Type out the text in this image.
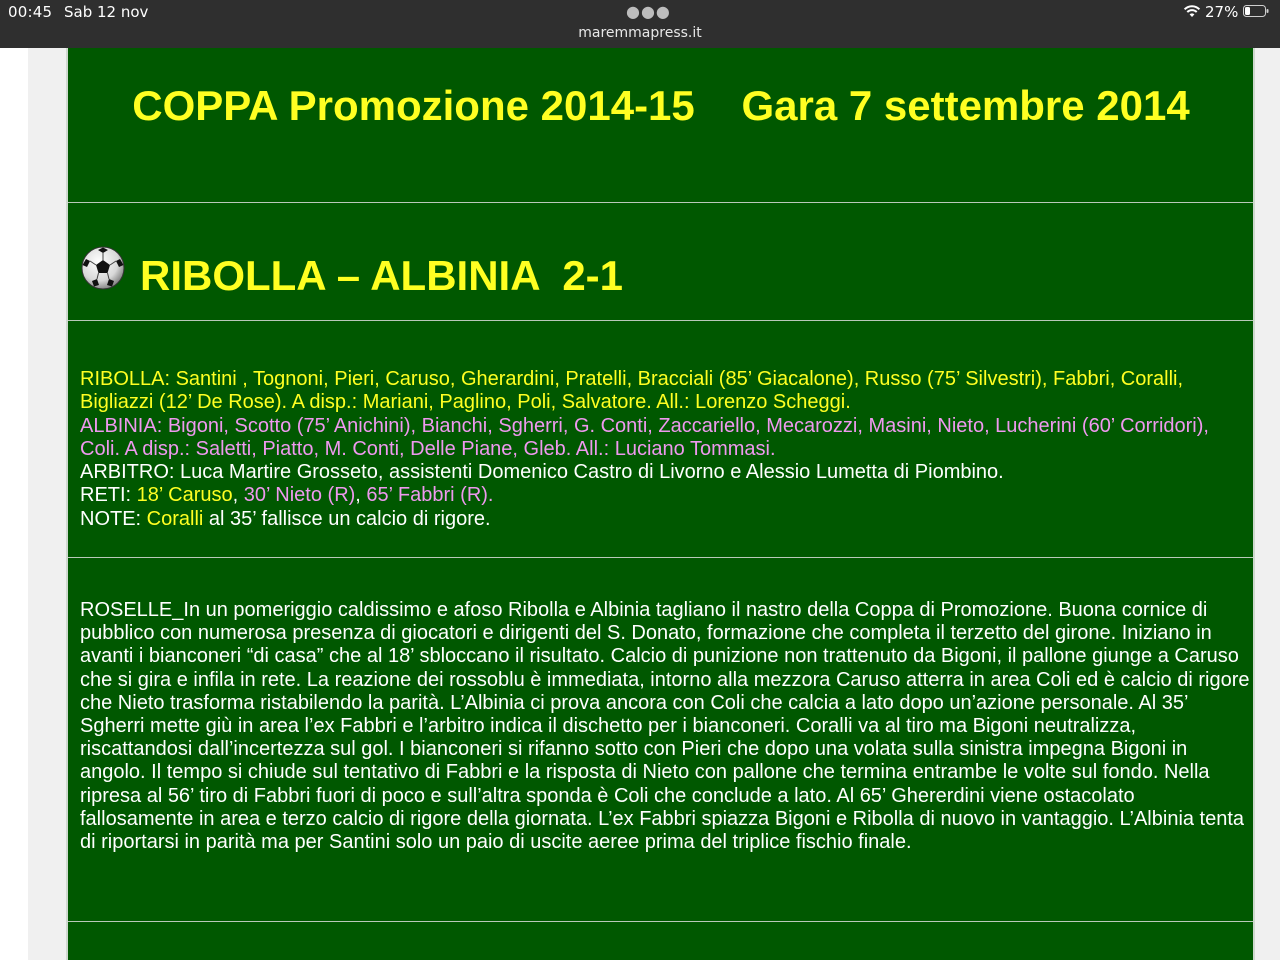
00:45 Sab 12 nov	●●●
maremmapress.it
27%
COPPA Promozione 2014-15    Gara 7 settembre 2014
RIBOLLA – ALBINIA 2-1

RIBOLLA: Santini , Tognoni, Pieri, Caruso, Gherardini, Pratelli, Bracciali (85’ Giacalone), Russo (75’ Silvestri), Fabbri, Coralli, Bigliazzi (12’ De Rose). A disp.: Mariani, Paglino, Poli, Salvatore. All.: Lorenzo Scheggi.

ALBINIA: Bigoni, Scotto (75’ Anichini), Bianchi, Sgherri, G. Conti, Zaccariello, Mecarozzi, Masini, Nieto, Lucherini (60’ Corridori), Coli. A disp.: Saletti, Piatto, M. Conti, Delle Piane, Gleb. All.: Luciano Tommasi.

ARBITRO: Luca Martire Grosseto, assistenti Domenico Castro di Livorno e Alessio Lumetta di Piombino.

RETI: 18’ Caruso, 30’ Nieto (R), 65’ Fabbri (R).

NOTE: Coralli al 35’ fallisce un calcio di rigore.

ROSELLE_In un pomeriggio caldissimo e afoso Ribolla e Albinia tagliano il nastro della Coppa di Promozione. Buona cornice di pubblico con numerosa presenza di giocatori e dirigenti del S. Donato, formazione che completa il terzetto del girone. Iniziano in avanti i bianconeri “di casa” che al 18’ sbloccano il risultato. Calcio di punizione non trattenuto da Bigoni, il pallone giunge a Caruso che si gira e infila in rete. La reazione dei rossoblu è immediata, intorno alla mezzora Caruso atterra in area Coli ed è calcio di rigore che Nieto trasforma ristabilendo la parità. L’Albinia ci prova ancora con Coli che calcia a lato dopo un’azione personale. Al 35’ Sgherri mette giù in area l’ex Fabbri e l’arbitro indica il dischetto per i bianconeri. Coralli va al tiro ma Bigoni neutralizza, riscattandosi dall’incertezza sul gol. I bianconeri si rifanno sotto con Pieri che dopo una volata sulla sinistra impegna Bigoni in angolo. Il tempo si chiude sul tentativo di Fabbri e la risposta di Nieto con pallone che termina entrambe le volte sul fondo. Nella ripresa al 56’ tiro di Fabbri fuori di poco e sull’altra sponda è Coli che conclude a lato. Al 65’ Ghererdini viene ostacolato fallosamente in area e terzo calcio di rigore della giornata. L’ex Fabbri spiazza Bigoni e Ribolla di nuovo in vantaggio. L’Albinia tenta di riportarsi in parità ma per Santini solo un paio di uscite aeree prima del triplice fischio finale.
